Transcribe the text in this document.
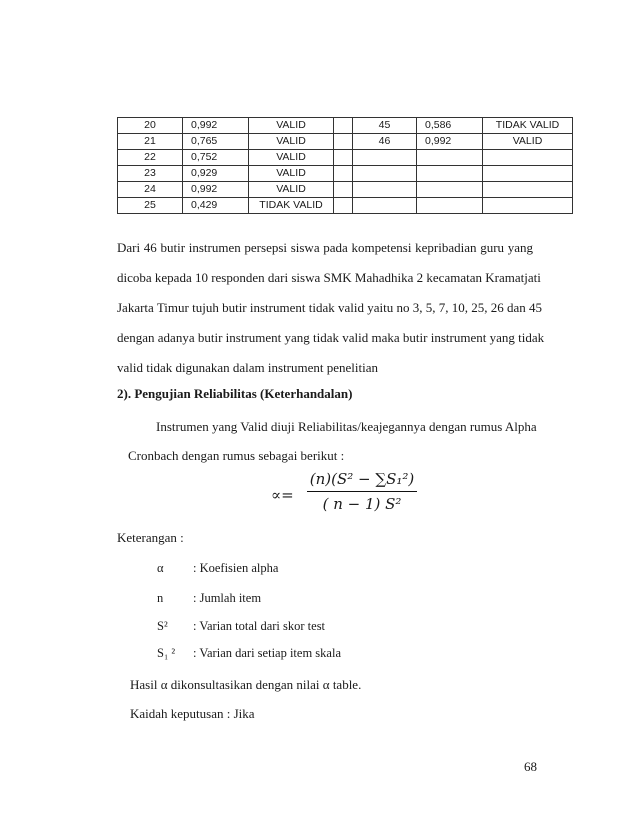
20	0,992	VALID		45	0,586	TIDAK VALID
21	0,765	VALID		46	0,992	VALID
22	0,752	VALID				
23	0,929	VALID				
24	0,992	VALID				
25	0,429	TIDAK VALID				
Dari 46 butir instrumen persepsi siswa pada kompetensi kepribadian guru yang
dicoba kepada 10 responden dari siswa SMK Mahadhika 2 kecamatan Kramatjati
Jakarta Timur tujuh butir instrument tidak valid yaitu no 3, 5, 7, 10, 25, 26 dan 45
dengan adanya butir instrument yang tidak valid maka butir instrument yang tidak
valid tidak digunakan dalam instrument penelitian
2). Pengujian Reliabilitas (Keterhandalan)
Instrumen yang Valid diuji Reliabilitas/keajegannya dengan rumus Alpha
Cronbach dengan rumus sebagai berikut :
∝=
(n)(S² − ∑S₁²)
( n − 1) S²
Keterangan :
α : Koefisien alpha
n : Jumlah item
S² : Varian total dari skor test
S₁ ² : Varian dari setiap item skala
Hasil α dikonsultasikan dengan nilai α table.
Kaidah keputusan : Jika
68
